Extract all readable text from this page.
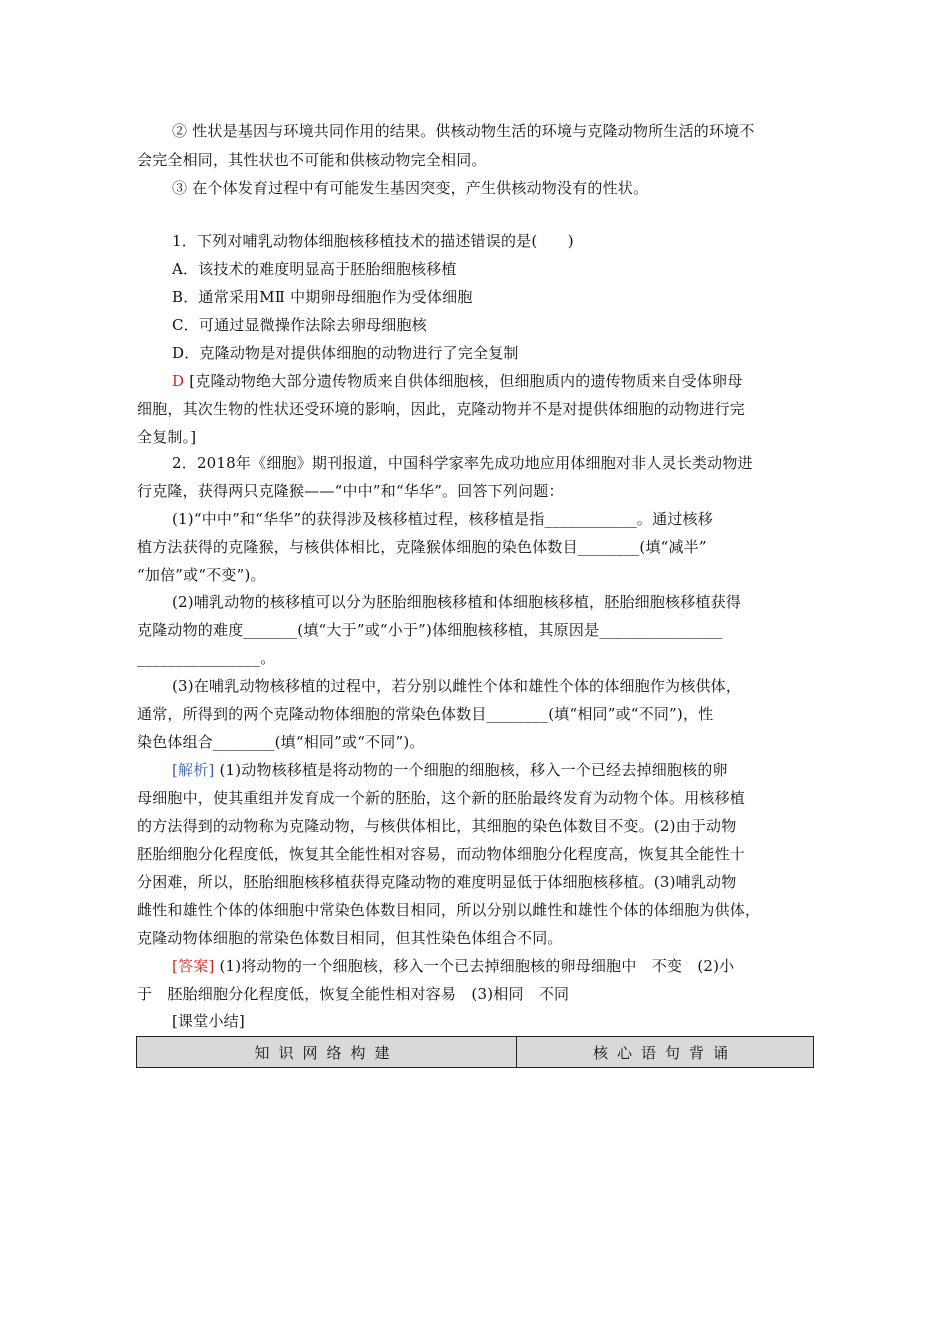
② 性状是基因与环境共同作用的结果。供核动物生活的环境与克隆动物所生活的环境不
会完全相同，其性状也不可能和供核动物完全相同。
③ 在个体发育过程中有可能发生基因突变，产生供核动物没有的性状。
1．下列对哺乳动物体细胞核移植技术的描述错误的是(　　)
A．该技术的难度明显高于胚胎细胞核移植
B．通常采用MⅡ 中期卵母细胞作为受体细胞
C．可通过显微操作法除去卵母细胞核
D．克隆动物是对提供体细胞的动物进行了完全复制
D [克隆动物绝大部分遗传物质来自供体细胞核，但细胞质内的遗传物质来自受体卵母
细胞，其次生物的性状还受环境的影响，因此，克隆动物并不是对提供体细胞的动物进行完
全复制。]
2．2018年《细胞》期刊报道，中国科学家率先成功地应用体细胞对非人灵长类动物进
行克隆，获得两只克隆猴——“中中”和“华华”。回答下列问题：
(1)“中中”和“华华”的获得涉及核移植过程，核移植是指____________。通过核移
植方法获得的克隆猴，与核供体相比，克隆猴体细胞的染色体数目________(填“减半”
“加倍”或“不变”)。
(2)哺乳动物的核移植可以分为胚胎细胞核移植和体细胞核移植，胚胎细胞核移植获得
克隆动物的难度_______(填“大于”或“小于”)体细胞核移植，其原因是________________
________________。
(3)在哺乳动物核移植的过程中，若分别以雌性个体和雄性个体的体细胞作为核供体，
通常，所得到的两个克隆动物体细胞的常染色体数目________(填“相同”或“不同”)，性
染色体组合________(填“相同”或“不同”)。
[解析] (1)动物核移植是将动物的一个细胞的细胞核，移入一个已经去掉细胞核的卵
母细胞中，使其重组并发育成一个新的胚胎，这个新的胚胎最终发育为动物个体。用核移植
的方法得到的动物称为克隆动物，与核供体相比，其细胞的染色体数目不变。(2)由于动物
胚胎细胞分化程度低，恢复其全能性相对容易，而动物体细胞分化程度高，恢复其全能性十
分困难，所以，胚胎细胞核移植获得克隆动物的难度明显低于体细胞核移植。(3)哺乳动物
雌性和雄性个体的体细胞中常染色体数目相同，所以分别以雌性和雄性个体的体细胞为供体，
克隆动物体细胞的常染色体数目相同，但其性染色体组合不同。
[答案] (1)将动物的一个细胞核，移入一个已去掉细胞核的卵母细胞中　不变　(2)小
于　胚胎细胞分化程度低，恢复全能性相对容易　(3)相同　不同
[课堂小结]
知识网络构建	核心语句背诵
